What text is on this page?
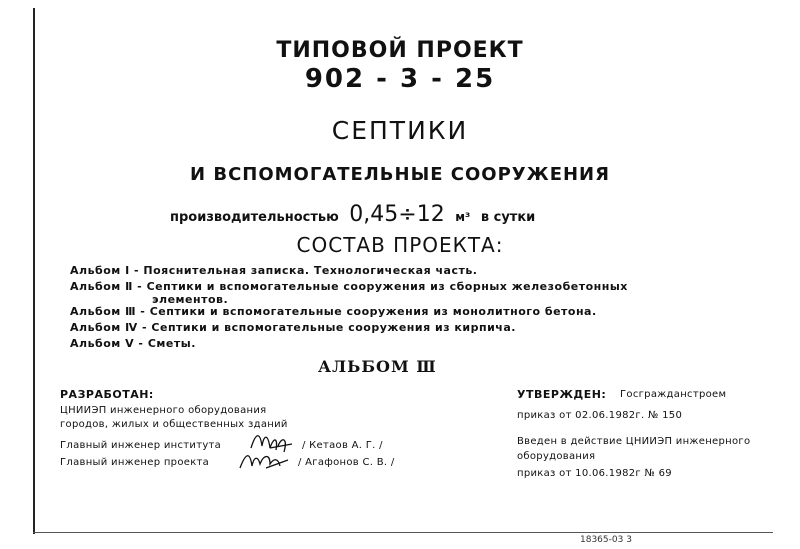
ТИПОВОЙ ПРОЕКТ
902 - 3 - 25
СЕПТИКИ
И ВСПОМОГАТЕЛЬНЫЕ СООРУЖЕНИЯ
производительностью 0,45÷12 м³ в сутки
СОСТАВ ПРОЕКТА:
Альбом Ⅰ - Пояснительная записка. Технологическая часть.
Альбом Ⅱ - Септики и вспомогательные сооружения из сборных железобетонных
элементов.
Альбом Ⅲ - Септики и вспомогательные сооружения из монолитного бетона.
Альбом Ⅳ - Септики и вспомогательные сооружения из кирпича.
Альбом Ⅴ - Сметы.
АЛЬБОМ Ⅲ
РАЗРАБОТАН:
ЦНИИЭП инженерного оборудования
городов, жилых и общественных зданий
Главный инженер института	/ Кетаов А. Г. /
Главный инженер проекта	/ Агафонов С. В. /
УТВЕРЖДЕН: Госгражданстроем
приказ от 02.06.1982г. № 150
Введен в действие ЦНИИЭП инженерного
оборудования
приказ от 10.06.1982г № 69
18365-03 3
